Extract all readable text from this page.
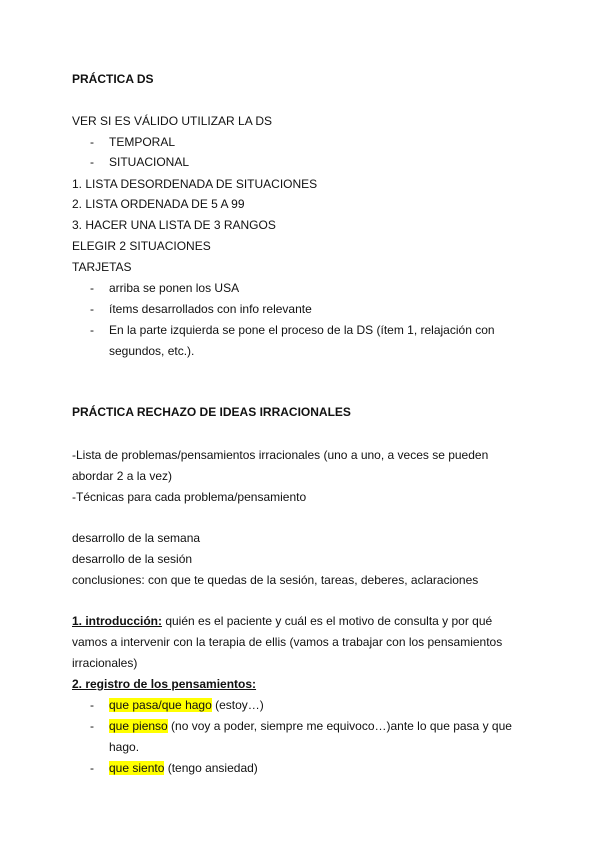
PRÁCTICA DS
VER SI ES VÁLIDO UTILIZAR LA DS
- TEMPORAL
- SITUACIONAL
1. LISTA DESORDENADA DE SITUACIONES
2. LISTA ORDENADA DE 5 A 99
3. HACER UNA LISTA DE 3 RANGOS
ELEGIR 2 SITUACIONES
TARJETAS
- arriba se ponen los USA
- ítems desarrollados con info relevante
- En la parte izquierda se pone el proceso de la DS (ítem 1, relajación con
segundos, etc.).
PRÁCTICA RECHAZO DE IDEAS IRRACIONALES
-Lista de problemas/pensamientos irracionales (uno a uno, a veces se pueden
abordar 2 a la vez)
-Técnicas para cada problema/pensamiento
desarrollo de la semana
desarrollo de la sesión
conclusiones: con que te quedas de la sesión, tareas, deberes, aclaraciones
1. introducción: quién es el paciente y cuál es el motivo de consulta y por qué
vamos a intervenir con la terapia de ellis (vamos a trabajar con los pensamientos
irracionales)
2. registro de los pensamientos:
- que pasa/que hago (estoy…)
- que pienso (no voy a poder, siempre me equivoco…)ante lo que pasa y que
hago.
- que siento (tengo ansiedad)
